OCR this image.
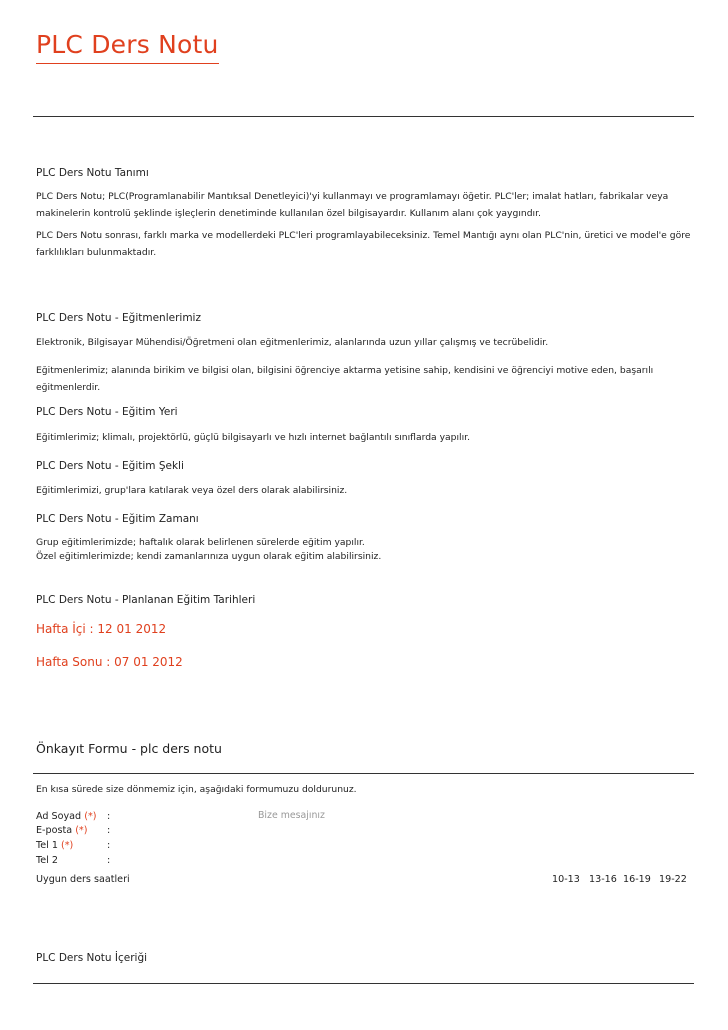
PLC Ders Notu
PLC Ders Notu Tanımı
PLC Ders Notu; PLC(Programlanabilir Mantıksal Denetleyici)'yi kullanmayı ve programlamayı öğetir. PLC'ler; imalat hatları, fabrikalar veya
makinelerin kontrolü şeklinde işleçlerin denetiminde kullanılan özel bilgisayardır. Kullanım alanı çok yaygındır.
PLC Ders Notu sonrası, farklı marka ve modellerdeki PLC'leri programlayabileceksiniz. Temel Mantığı aynı olan PLC'nin, üretici ve model'e göre
farklılıkları bulunmaktadır.
PLC Ders Notu - Eğitmenlerimiz
Elektronik, Bilgisayar Mühendisi/Öğretmeni olan eğitmenlerimiz, alanlarında uzun yıllar çalışmış ve tecrübelidir.
Eğitmenlerimiz; alanında birikim ve bilgisi olan, bilgisini öğrenciye aktarma yetisine sahip, kendisini ve öğrenciyi motive eden, başarılı
eğitmenlerdir.
PLC Ders Notu - Eğitim Yeri
Eğitimlerimiz; klimalı, projektörlü, güçlü bilgisayarlı ve hızlı internet bağlantılı sınıflarda yapılır.
PLC Ders Notu - Eğitim Şekli
Eğitimlerimizi, grup'lara katılarak veya özel ders olarak alabilirsiniz.
PLC Ders Notu - Eğitim Zamanı
Grup eğitimlerimizde; haftalık olarak belirlenen sürelerde eğitim yapılır.
Özel eğitimlerimizde; kendi zamanlarınıza uygun olarak eğitim alabilirsiniz.
PLC Ders Notu - Planlanan Eğitim Tarihleri
Hafta İçi : 12 01 2012
Hafta Sonu : 07 01 2012
Önkayıt Formu - plc ders notu
En kısa sürede size dönmemiz için, aşağıdaki formumuzu doldurunuz.
Ad Soyad (*) :
E-posta (*) :
Tel 1 (*)	:
Tel 2	:
Bize mesajınız
Uygun ders saatleri	10-13 13-16 16-19 19-22
PLC Ders Notu İçeriği
